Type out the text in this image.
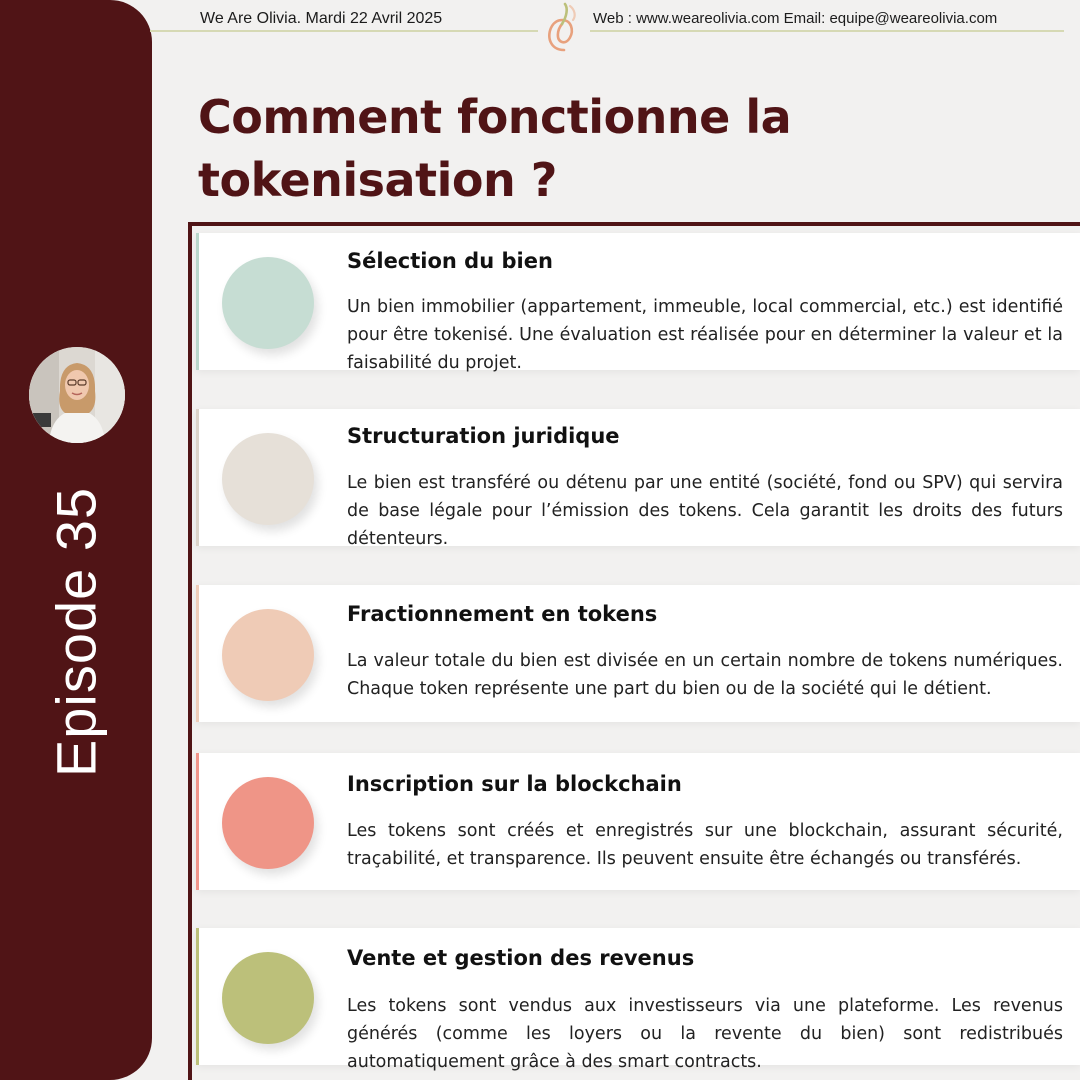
Episode 35
We Are Olivia. Mardi 22 Avril 2025	Web : www.weareolivia.com Email: equipe@weareolivia.com
Comment fonctionne la
tokenisation ?
Sélection du bien
Un bien immobilier (appartement, immeuble, local commercial, etc.) est identifié pour être tokenisé. Une évaluation est réalisée pour en déterminer la valeur et la faisabilité du projet.
Structuration juridique
Le bien est transféré ou détenu par une entité (société, fond ou SPV) qui servira de base légale pour l’émission des tokens. Cela garantit les droits des futurs détenteurs.
Fractionnement en tokens
La valeur totale du bien est divisée en un certain nombre de tokens numériques. Chaque token représente une part du bien ou de la société qui le détient.
Inscription sur la blockchain
Les tokens sont créés et enregistrés sur une blockchain, assurant sécurité, traçabilité, et transparence. Ils peuvent ensuite être échangés ou transférés.
Vente et gestion des revenus
Les tokens sont vendus aux investisseurs via une plateforme. Les revenus générés (comme les loyers ou la revente du bien) sont redistribués automatiquement grâce à des smart contracts.
